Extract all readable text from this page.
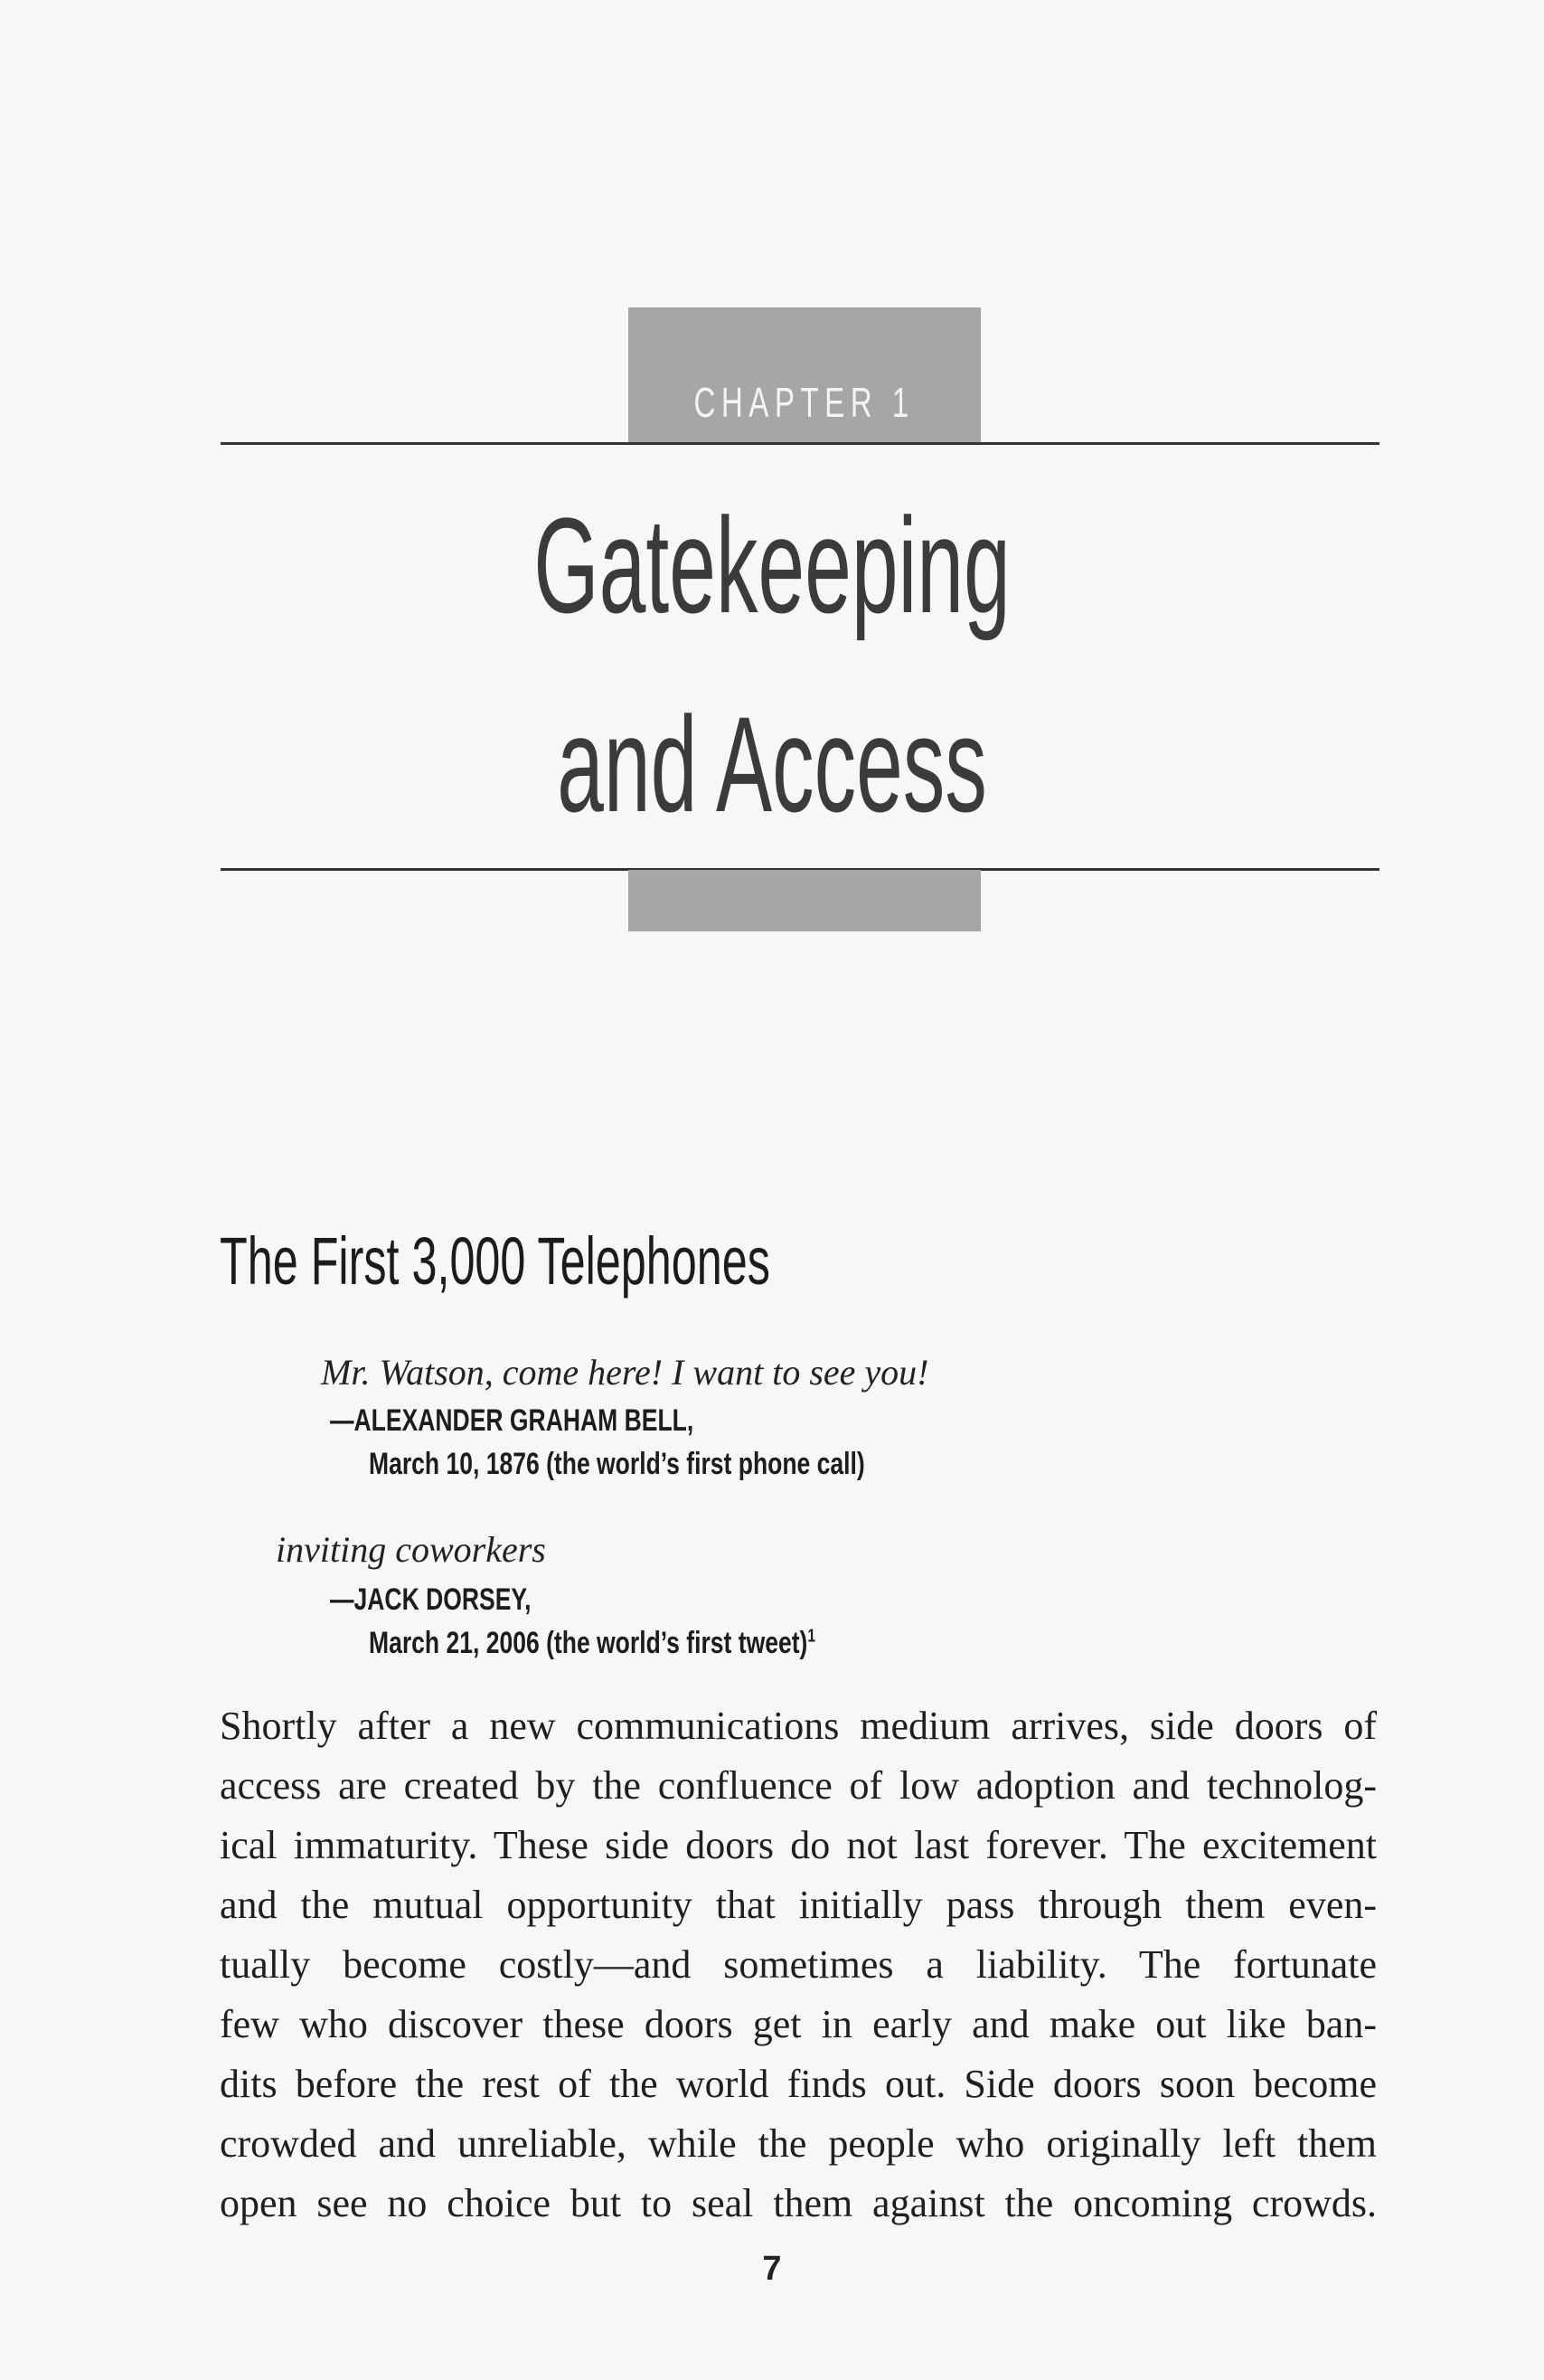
CHAPTER 1
Gatekeeping
and Access
The First 3,000 Telephones
Mr. Watson, come here! I want to see you!
—ALEXANDER GRAHAM BELL,
March 10, 1876 (the world’s first phone call)
inviting coworkers
—JACK DORSEY,
March 21, 2006 (the world’s first tweet)$^1$
Shortly after a new communications medium arrives, side doors of
access are created by the confluence of low adoption and technolog-
ical immaturity. These side doors do not last forever. The excitement
and the mutual opportunity that initially pass through them even-
tually become costly—and sometimes a liability. The fortunate
few who discover these doors get in early and make out like ban-
dits before the rest of the world finds out. Side doors soon become
crowded and unreliable, while the people who originally left them
open see no choice but to seal them against the oncoming crowds.
7
